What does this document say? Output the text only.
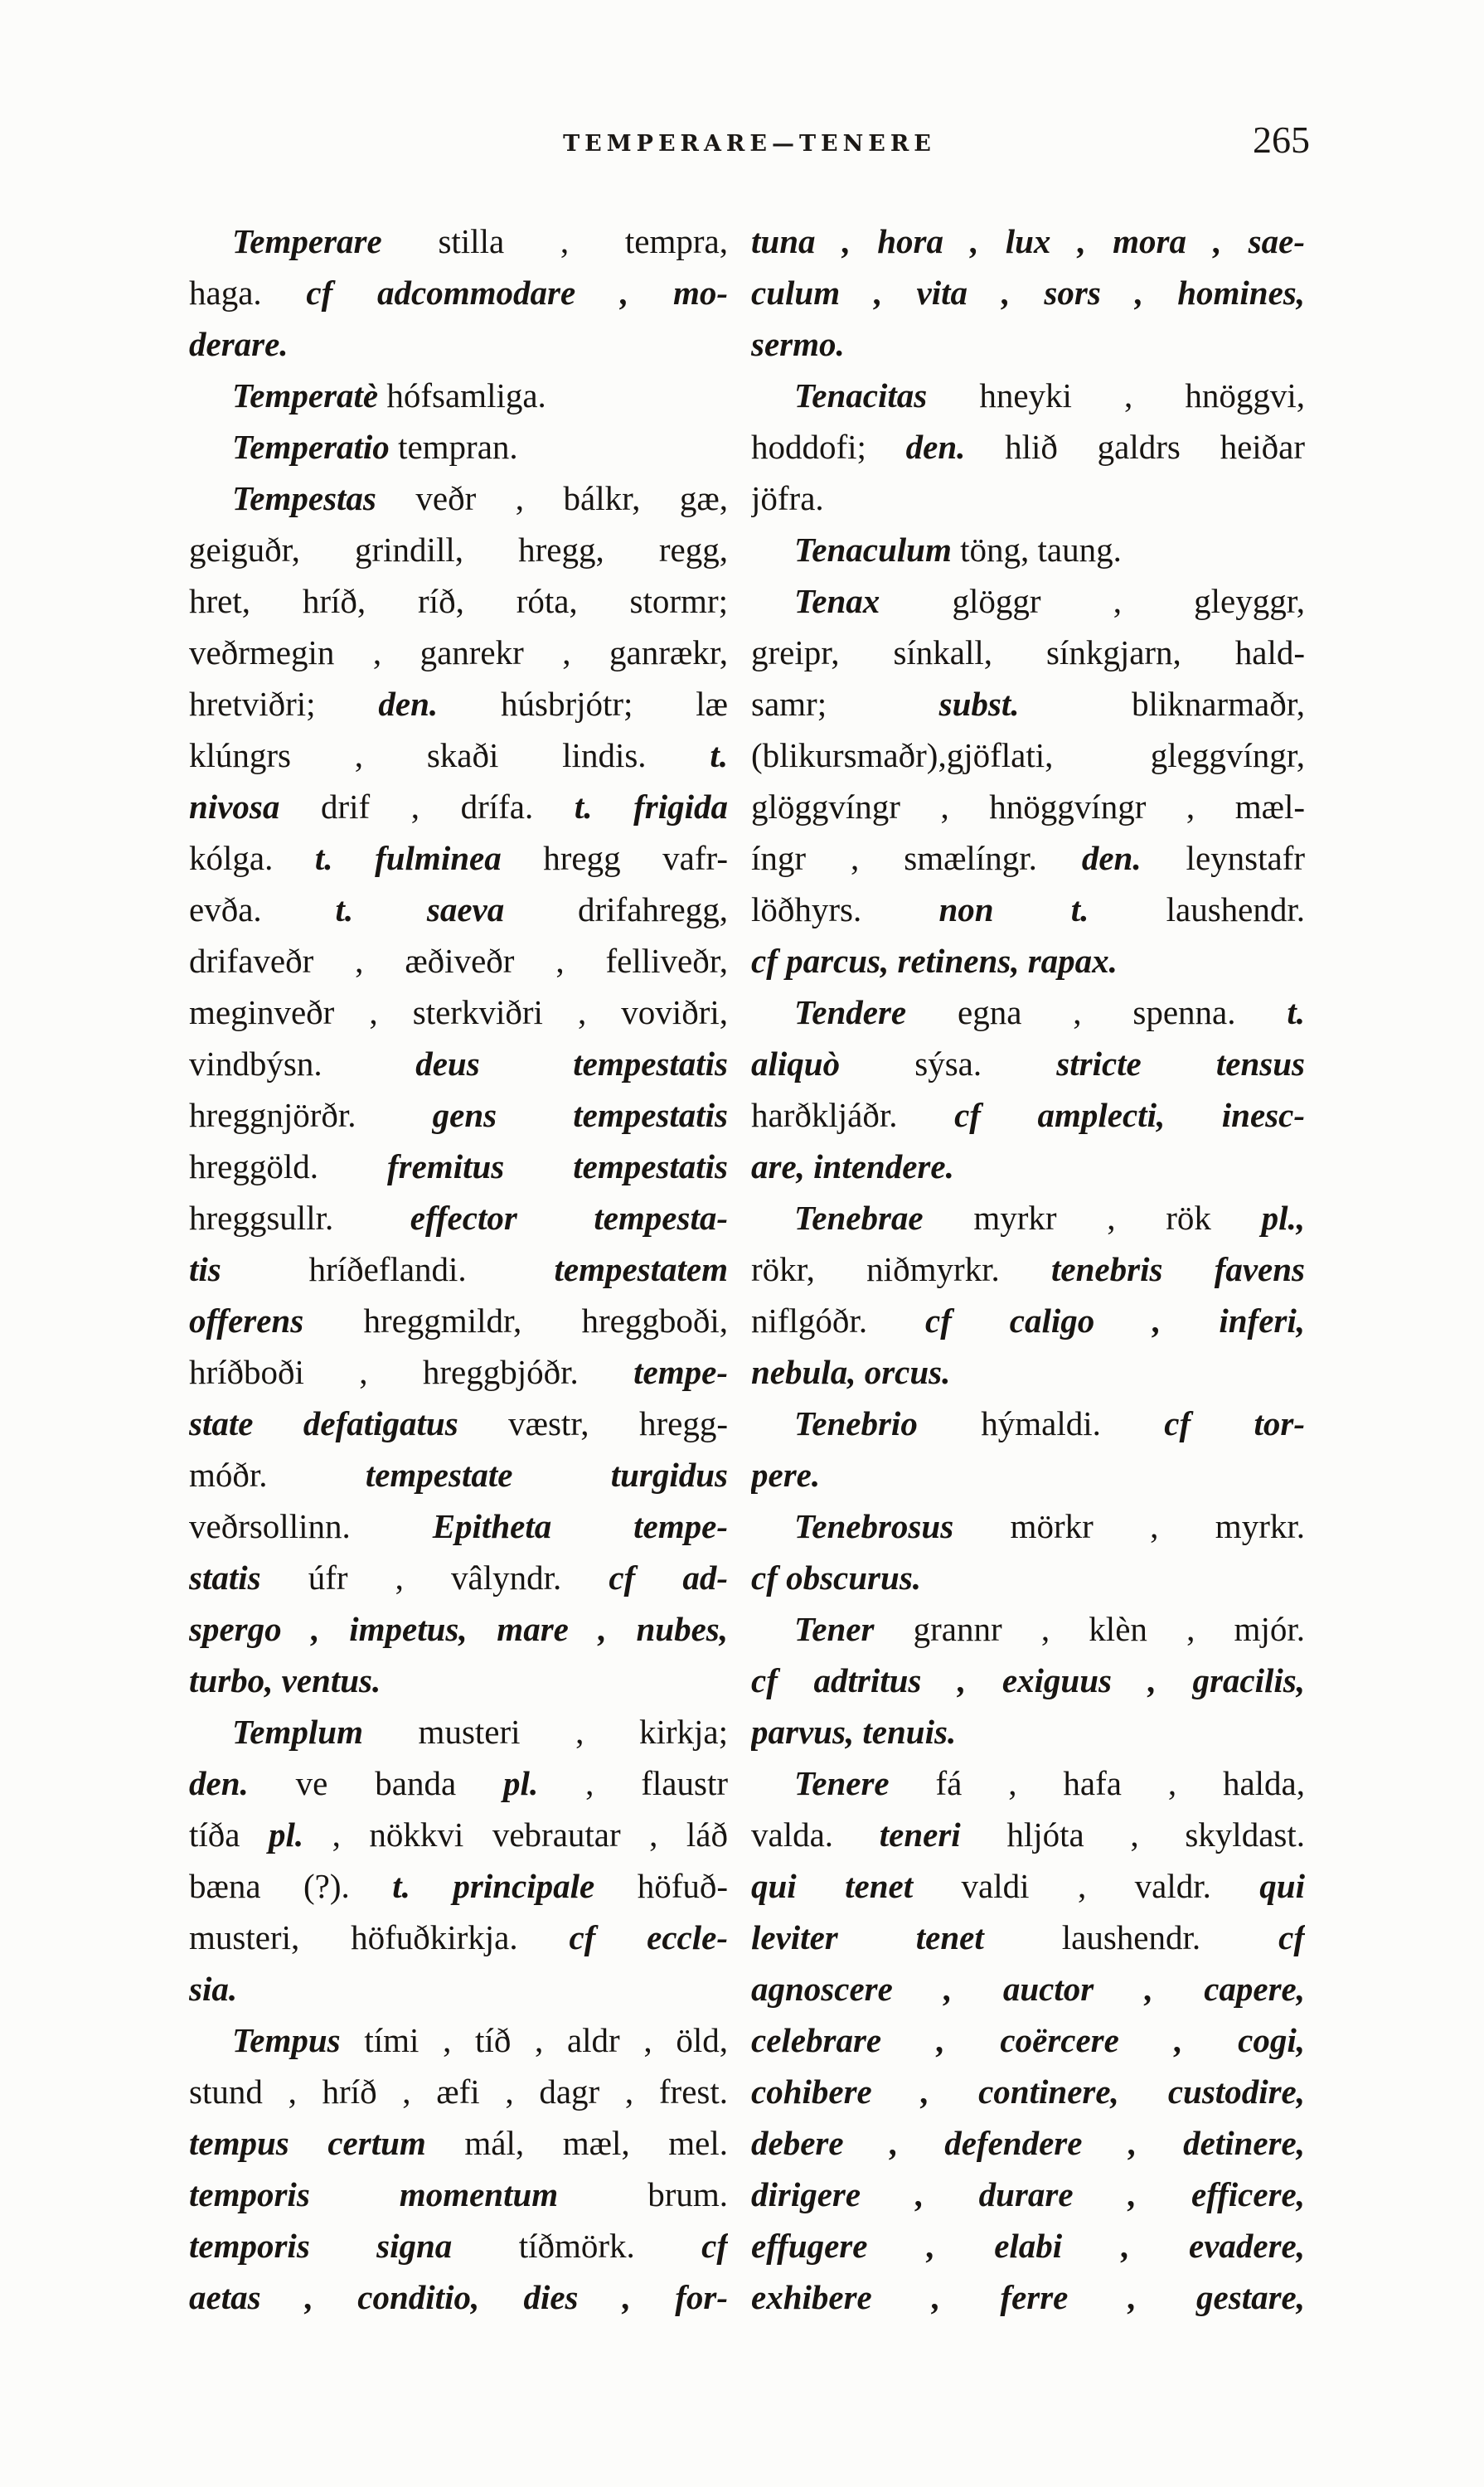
TEMPERARE—TENERE	265
Temperare stilla , tempra,
haga. cf adcommodare , mo-
derare.
Temperatè hófsamliga.
Temperatio tempran.
Tempestas veðr , bálkr, gæ,
geiguðr, grindill, hregg, regg,
hret, hríð, ríð, róta, stormr;
veðrmegin , ganrekr , ganrækr,
hretviðri; den. húsbrjótr; læ
klúngrs , skaði lindis. t.
nivosa drif , drífa. t. frigida
kólga. t. fulminea hregg vafr-
evða. t. saeva drifahregg,
drifaveðr , æðiveðr , felliveðr,
meginveðr , sterkviðri , voviðri,
vindbýsn. deus tempestatis
hreggnjörðr. gens tempestatis
hreggöld. fremitus tempestatis
hreggsullr. effector tempesta-
tis hríðeflandi. tempestatem
offerens hreggmildr, hreggboði,
hríðboði , hreggbjóðr. tempe-
state defatigatus væstr, hregg-
móðr. tempestate turgidus
veðrsollinn. Epitheta tempe-
statis úfr , vâlyndr. cf ad-
spergo , impetus, mare , nubes,
turbo, ventus.
Templum musteri , kirkja;
den. ve banda pl. , flaustr
tíða pl. , nökkvi vebrautar , láð
bæna (?). t. principale höfuð-
musteri, höfuðkirkja. cf eccle-
sia.
Tempus tími , tíð , aldr , öld,
stund , hríð , æfi , dagr , frest.
tempus certum mál, mæl, mel.
temporis momentum brum.
temporis signa tíðmörk. cf
aetas , conditio, dies , for-
tuna , hora , lux , mora , sae-
culum , vita , sors , homines,
sermo.
Tenacitas hneyki , hnöggvi,
hoddofi; den. hlið galdrs heiðar
jöfra.
Tenaculum töng, taung.
Tenax glöggr , gleyggr,
greipr, sínkall, sínkgjarn, hald-
samr; subst. bliknarmaðr,
(blikursmaðr),gjöflati, gleggvíngr,
glöggvíngr , hnöggvíngr , mæl-
íngr , smælíngr. den. leynstafr
löðhyrs. non t. laushendr.
cf parcus, retinens, rapax.
Tendere egna , spenna. t.
aliquò sýsa. stricte tensus
harðkljáðr. cf amplecti, inesc-
are, intendere.
Tenebrae myrkr , rök pl.,
rökr, niðmyrkr. tenebris favens
niflgóðr. cf caligo , inferi,
nebula, orcus.
Tenebrio hýmaldi. cf tor-
pere.
Tenebrosus mörkr , myrkr.
cf obscurus.
Tener grannr , klèn , mjór.
cf adtritus , exiguus , gracilis,
parvus, tenuis.
Tenere fá , hafa , halda,
valda. teneri hljóta , skyldast.
qui tenet valdi , valdr. qui
leviter tenet laushendr. cf
agnoscere , auctor , capere,
celebrare , coërcere , cogi,
cohibere , continere, custodire,
debere , defendere , detinere,
dirigere , durare , efficere,
effugere , elabi , evadere,
exhibere , ferre , gestare,
